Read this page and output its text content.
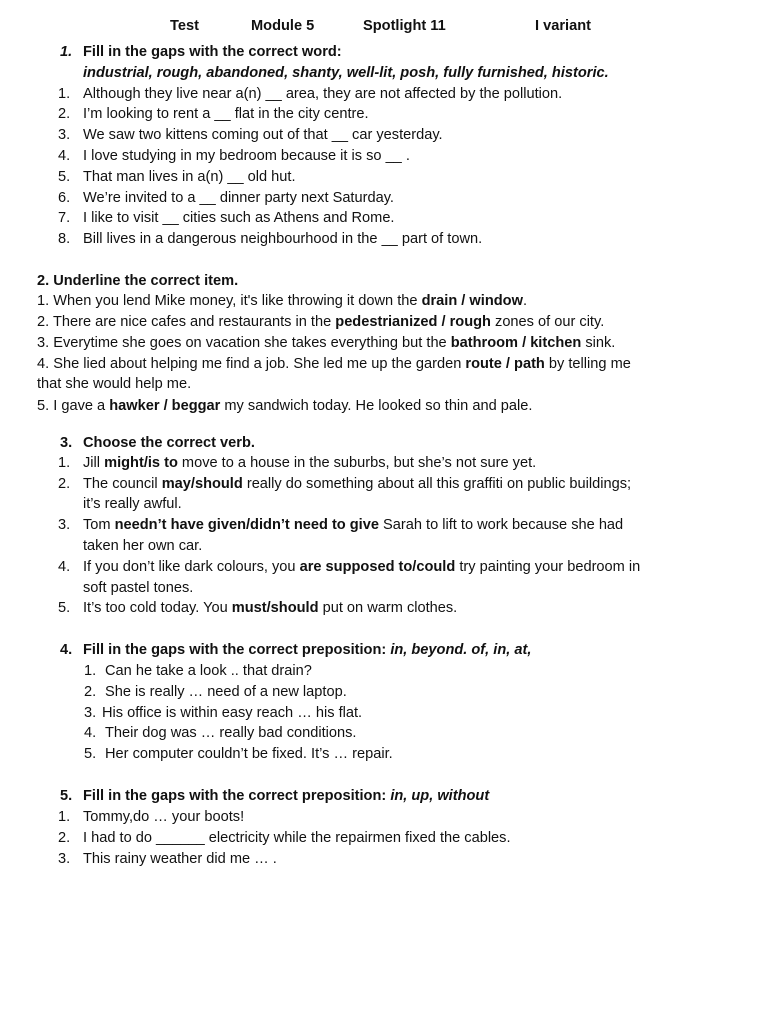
Test	Module 5	Spotlight 11	I variant
1. Fill in the gaps with the correct word:
industrial, rough, abandoned, shanty, well-lit, posh, fully furnished, historic.
1. Although they live near a(n) __ area, they are not affected by the pollution.
2. I’m looking to rent a __ flat in the city centre.
3. We saw two kittens coming out of that __ car yesterday.
4. I love studying in my bedroom because it is so __ .
5. That man lives in a(n) __ old hut.
6. We’re invited to a __ dinner party next Saturday.
7. I like to visit __ cities such as Athens and Rome.
8. Bill lives in a dangerous neighbourhood in the __ part of town.
2. Underline the correct item.
1. When you lend Mike money, it's like throwing it down the drain / window.
2. There are nice cafes and restaurants in the pedestrianized / rough zones of our city.
3. Everytime she goes on vacation she takes everything but the bathroom / kitchen sink.
4. She lied about helping me find a job. She led me up the garden route / path by telling me
that she would help me.
5. I gave a hawker / beggar my sandwich today. He looked so thin and pale.
3. Choose the correct verb.
1. Jill might/is to move to a house in the suburbs, but she’s not sure yet.
2. The council may/should really do something about all this graffiti on public buildings;
it’s really awful.
3. Tom needn’t have given/didn’t need to give Sarah to lift to work because she had
taken her own car.
4. If you don’t like dark colours, you are supposed to/could try painting your bedroom in
soft pastel tones.
5. It’s too cold today. You must/should put on warm clothes.
4. Fill in the gaps with the correct preposition: in, beyond. of, in, at,
1. Can he take a look .. that drain?
2. She is really … need of a new laptop.
3. His office is within easy reach … his flat.
4. Their dog was … really bad conditions.
5. Her computer couldn’t be fixed. It’s … repair.
5. Fill in the gaps with the correct preposition: in, up, without
1. Tommy,do … your boots!
2. I had to do ______ electricity while the repairmen fixed the cables.
3. This rainy weather did me … .
